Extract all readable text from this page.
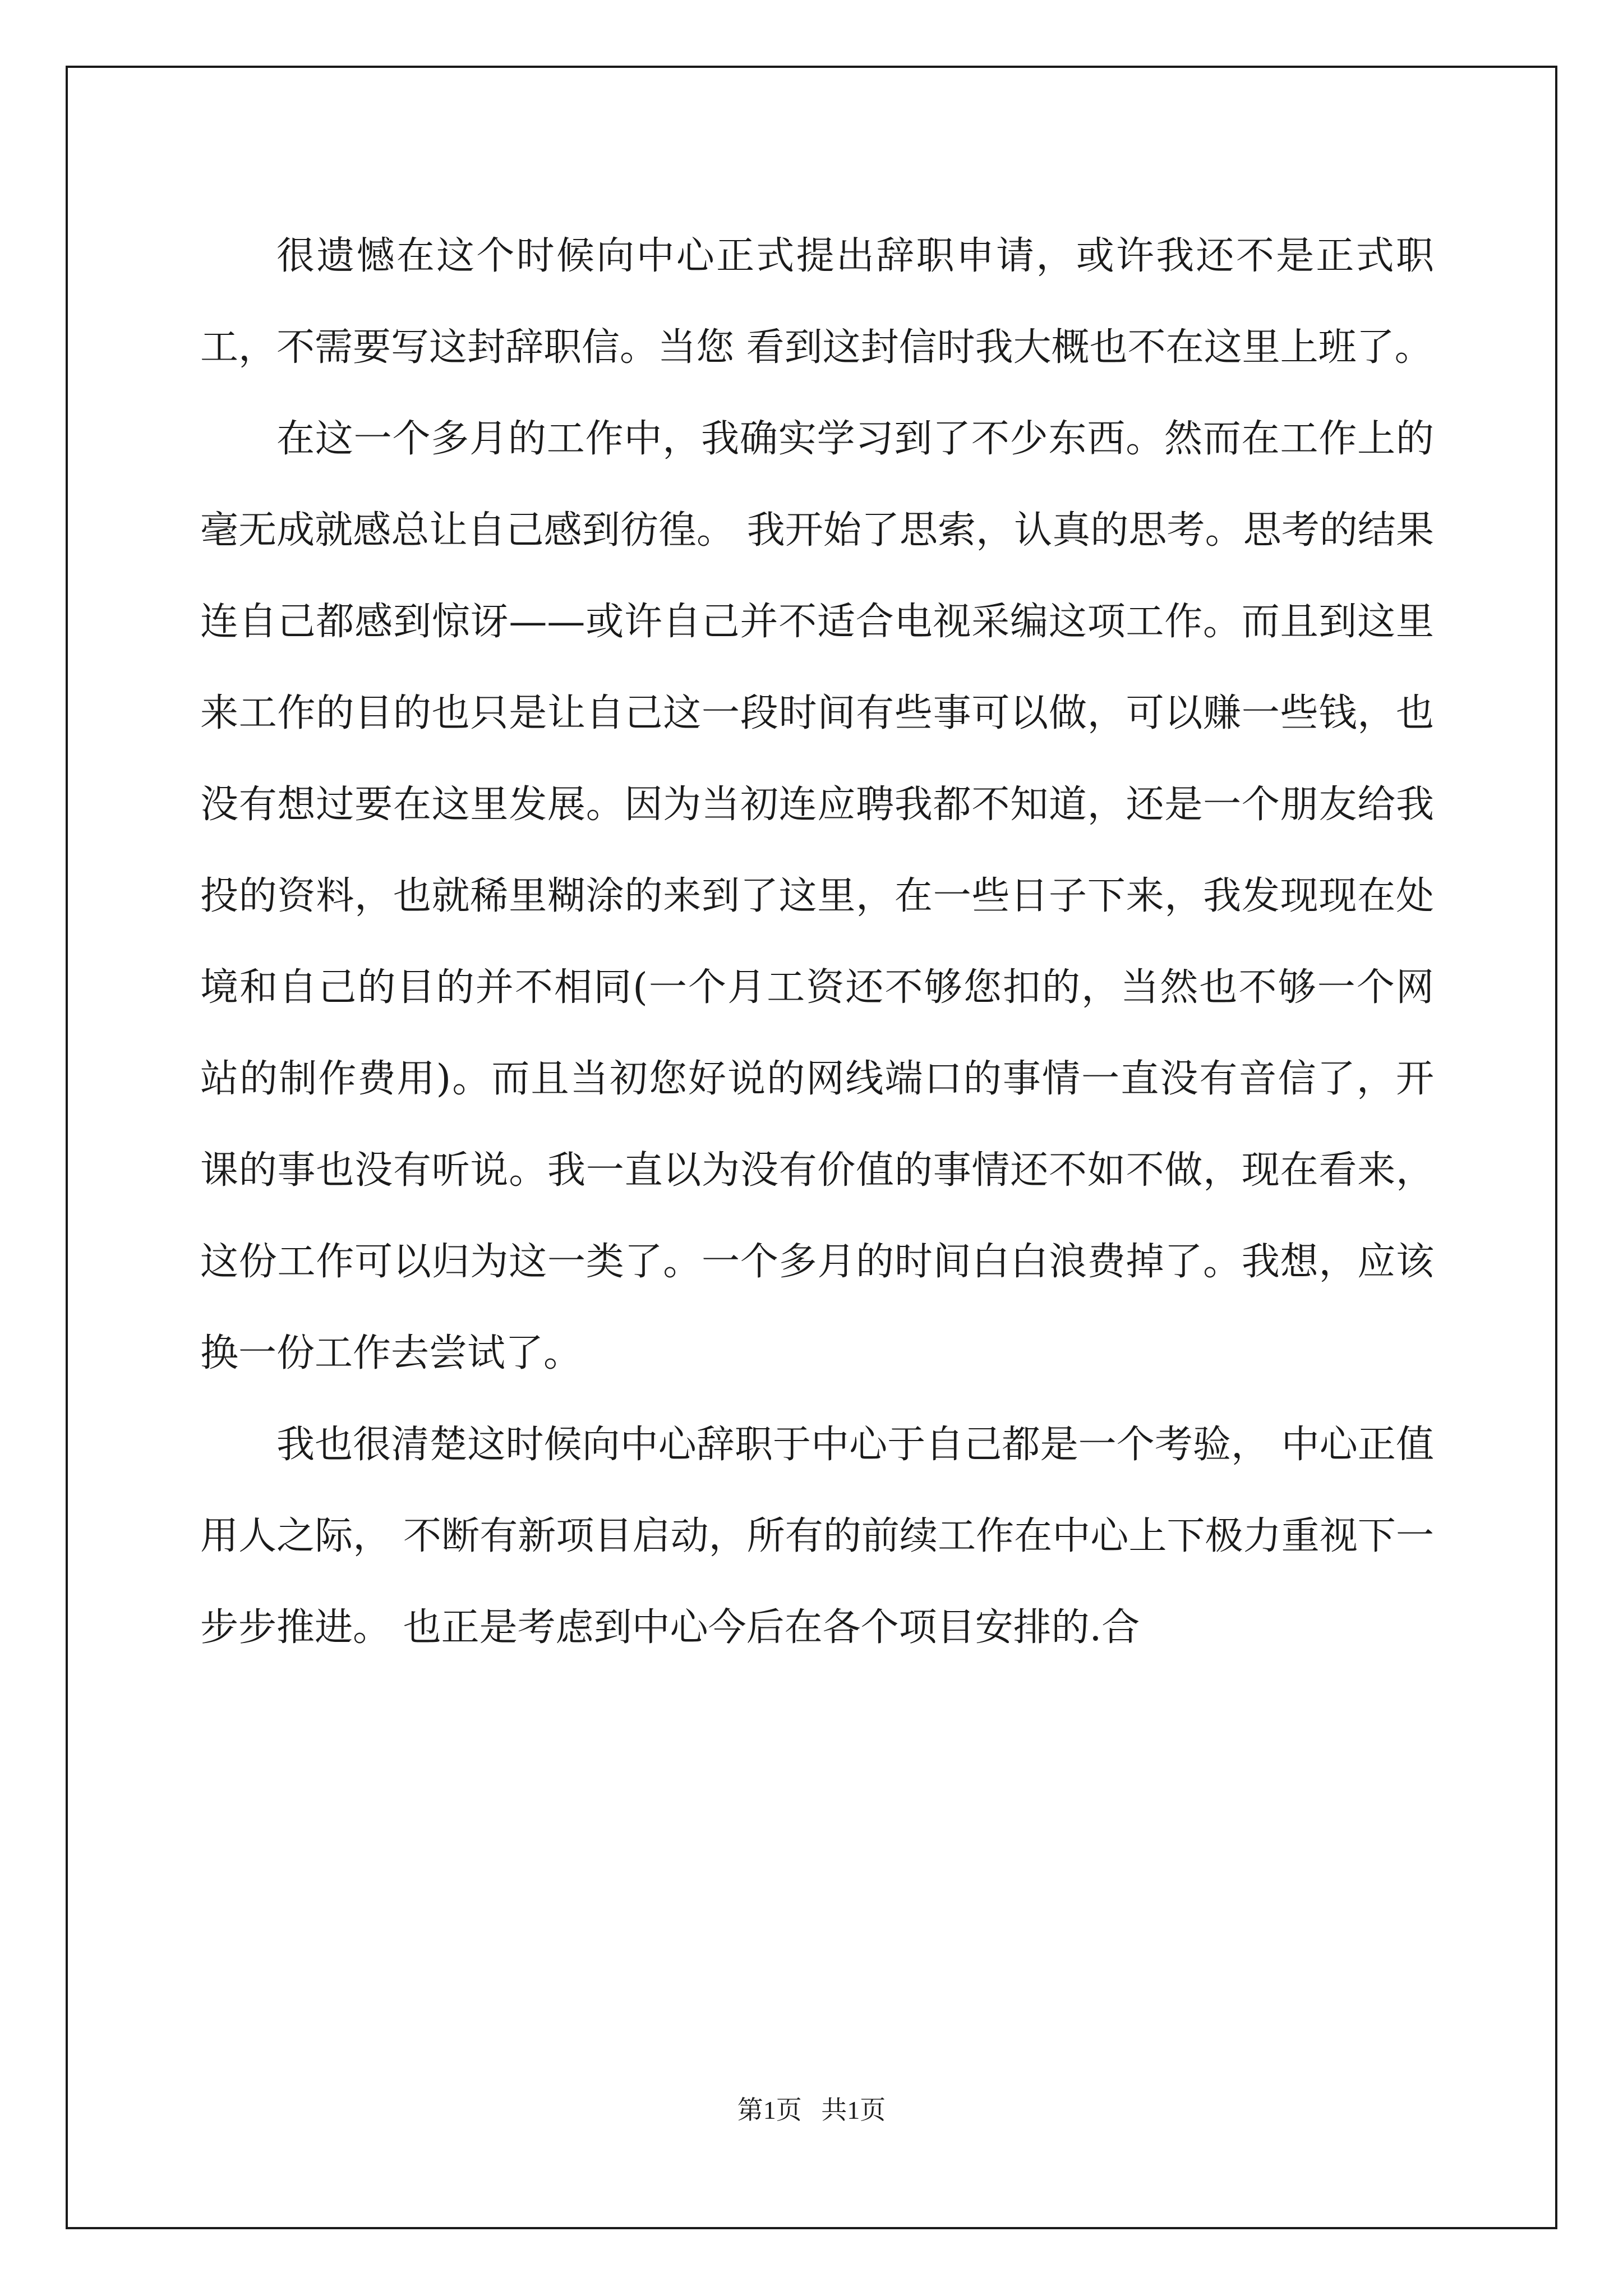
很遗憾在这个时候向中心正式提出辞职申请，或许我还不是正式职工，不需要写这封辞职信。当您 看到这封信时我大概也不在这里上班了。

在这一个多月的工作中，我确实学习到了不少东西。然而在工作上的毫无成就感总让自己感到彷徨。 我开始了思索，认真的思考。思考的结果连自己都感到惊讶——或许自己并不适合电视采编这项工作。而且到这里来工作的目的也只是让自己这一段时间有些事可以做，可以赚一些钱，也没有想过要在这里发展。因为当初连应聘我都不知道，还是一个朋友给我投的资料，也就稀里糊涂的来到了这里，在一些日子下来，我发现现在处境和自己的目的并不相同(一个月工资还不够您扣的，当然也不够一个网站的制作费用)。而且当初您好说的网线端口的事情一直没有音信了，开课的事也没有听说。我一直以为没有价值的事情还不如不做，现在看来，这份工作可以归为这一类了。一个多月的时间白白浪费掉了。我想，应该换一份工作去尝试了。

我也很清楚这时候向中心辞职于中心于自己都是一个考验， 中心正值用人之际， 不断有新项目启动，所有的前续工作在中心上下极力重视下一步步推进。 也正是考虑到中心今后在各个项目安排的.合

第1页   共1页
